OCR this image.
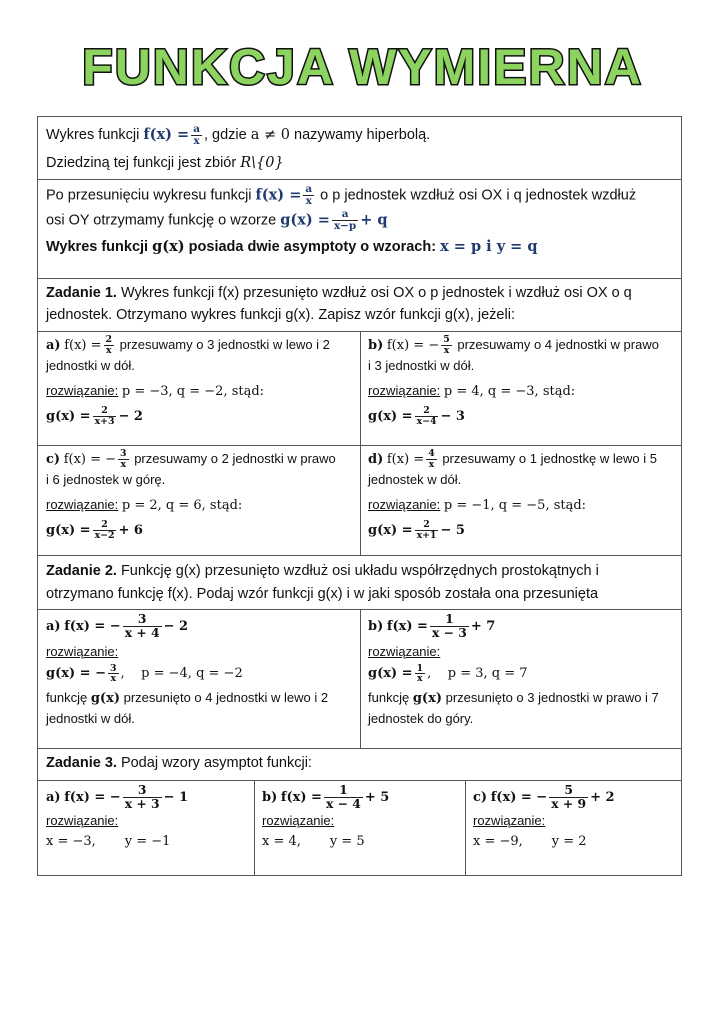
FUNKCJA WYMIERNA

Wykres funkcji $f(x) = \frac{a}{x}$ , gdzie a ≠ 0 nazywamy hiperbolą.

Dziedziną tej funkcji jest zbiór R\{0}

Po przesunięciu wykresu funkcji $f(x) = \frac{a}{x}$ o p jednostek wzdłuż osi OX i q jednostek wzdłuż

osi OY otrzymamy funkcję o wzorze $g(x) = \frac{a}{x-p} + q$

Wykres funkcji g(x) posiada dwie asymptoty o wzorach: x = p i y = q

Zadanie 1. Wykres funkcji f(x) przesunięto wzdłuż osi OX o p jednostek i wzdłuż osi OX o q

jednostek. Otrzymano wykres funkcji g(x). Zapisz wzór funkcji g(x), jeżeli:

a) $f(x) = \frac{2}{x}$ przesuwamy o 3 jednostki w lewo i 2

jednostki w dół.

rozwiązanie: p = −3, q = −2, stąd:

$g(x) = \frac{2}{x+3} - 2$

b) f(x) = − $\frac{5}{x}$ przesuwamy o 4 jednostki w prawo

i 3 jednostki w dół.

rozwiązanie: p = 4, q = −3, stąd:

$g(x) = \frac{2}{x-4} - 3$

c) f(x) = − $\frac{3}{x}$ przesuwamy o 2 jednostki w prawo

i 6 jednostek w górę.

rozwiązanie: p = 2, q = 6, stąd:

$g(x) = \frac{2}{x-2} + 6$

d) $f(x) = \frac{4}{x}$ przesuwamy o 1 jednostkę w lewo i 5

jednostek w dół.

rozwiązanie: p = −1, q = −5, stąd:

$g(x) = \frac{2}{x+1} - 5$

Zadanie 2. Funkcję g(x) przesunięto wzdłuż osi układu współrzędnych prostokątnych i

otrzymano funkcję f(x). Podaj wzór funkcji g(x) i w jaki sposób została ona przesunięta

a) f(x) = − $\frac{3}{x + 4} - 2$

rozwiązanie:

g(x) = − $\frac{3}{x}$ ,    p = −4, q = −2

funkcję g(x) przesunięto o 4 jednostki w lewo i 2

jednostki w dół.

b) $f(x) = \frac{1}{x - 3} + 7$

rozwiązanie:

$g(x) = \frac{1}{x}$ ,    p = 3, q = 7

funkcję g(x) przesunięto o 3 jednostki w prawo i 7

jednostek do góry.

Zadanie 3. Podaj wzory asymptot funkcji:

a) f(x) = − $\frac{3}{x + 3} - 1$

rozwiązanie:

x = −3,       y = −1

b) $f(x) = \frac{1}{x - 4} + 5$

rozwiązanie:

x = 4,       y = 5

c) f(x) = − $\frac{5}{x + 9} + 2$

rozwiązanie:

x = −9,       y = 2
